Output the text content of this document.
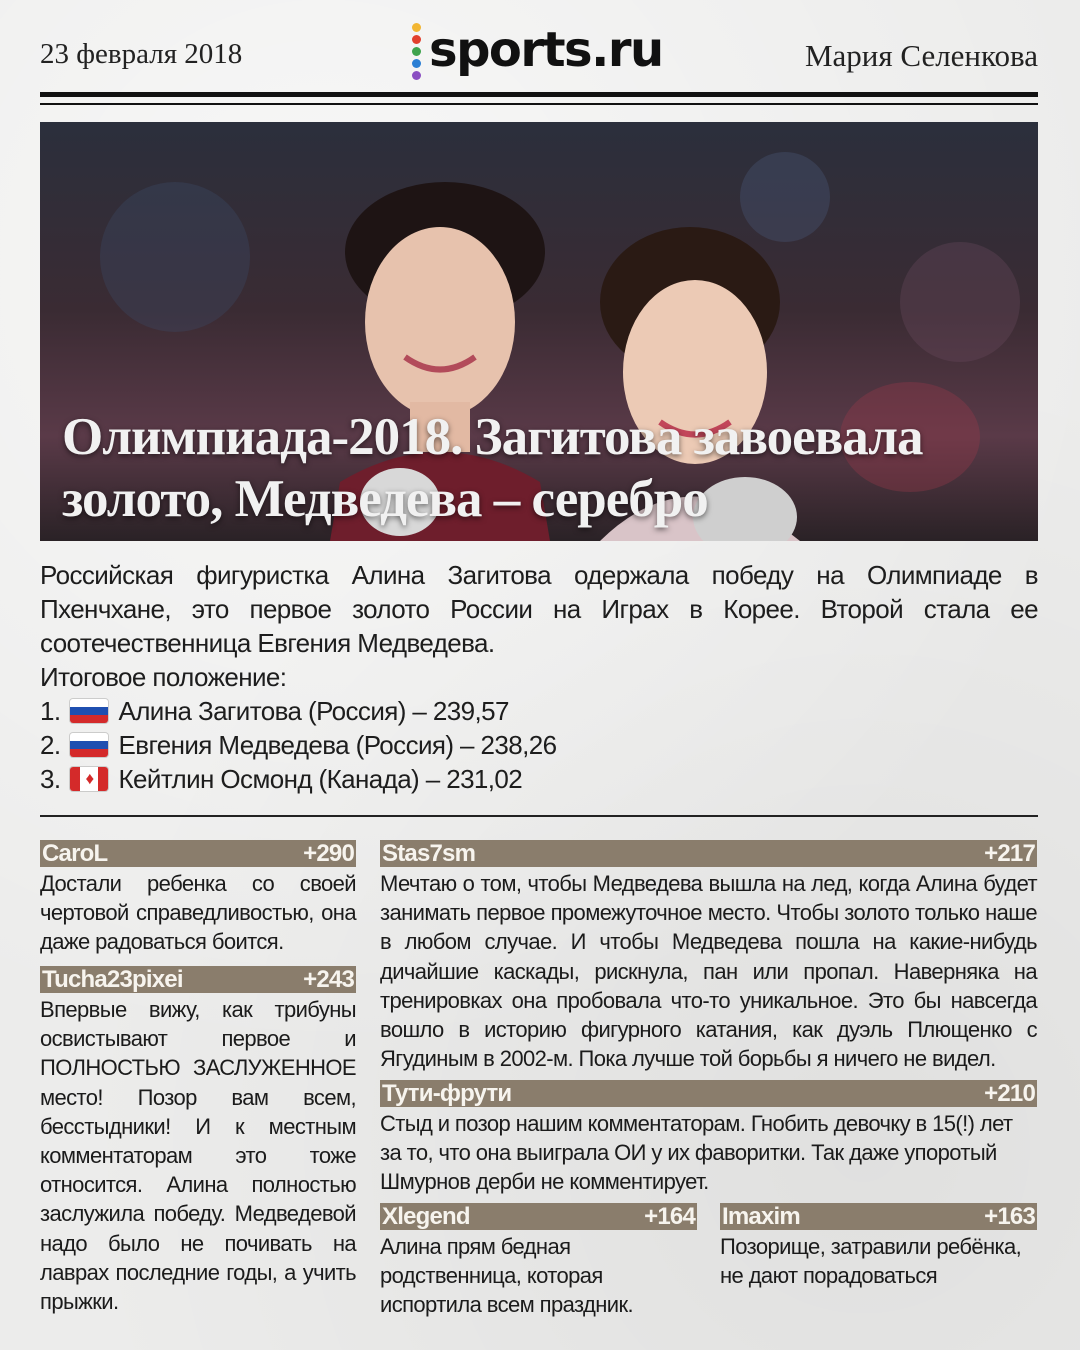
23 февраля 2018	sports.ru	Мария Селенкова
Олимпиада-2018. Загитова завоевала золото, Медведева – серебро
Российская фигуристка Алина Загитова одержала победу на Олимпиаде в Пхенчхане, это первое золото России на Играх в Корее. Второй стала ее соотечественница Евгения Медведева.
Итоговое положение:
1. Алина Загитова (Россия) – 239,57
2. Евгения Медведева (Россия) – 238,26
3.
♦ Кейтлин Осмонд (Канада) – 231,02
CaroL	+290
Достали ребенка со своей чертовой справедливостью, она даже радоваться боится.
Tucha23pixei	+243
Впервые вижу, как трибуны освистывают первое и ПОЛНОСТЬЮ ЗАСЛУЖЕННОЕ место! Позор вам всем, бесстыдники! И к местным комментаторам это тоже относится. Алина полностью заслужила победу. Медведевой надо было не почивать на лаврах последние годы, а учить прыжки.
Stas7sm	+217
Мечтаю о том, чтобы Медведева вышла на лед, когда Алина будет занимать первое промежуточное место. Чтобы золото только наше в любом случае. И чтобы Медведева пошла на какие-нибудь дичайшие каскады, рискнула, пан или пропал. Наверняка на тренировках она пробовала что-то уникальное. Это бы навсегда вошло в историю фигурного катания, как дуэль Плющенко с Ягудиным в 2002-м. Пока лучше той борьбы я ничего не видел.
Тути-фрути	+210
Стыд и позор нашим комментаторам. Гнобить девочку в 15(!) лет за то, что она выиграла ОИ у их фаворитки. Так даже упоротый Шмурнов дерби не комментирует.
Xlegend	+164
Алина прям бедная родственница, которая испортила всем праздник.
Imaxim	+163
Позорище, затравили ребёнка, не дают порадоваться
